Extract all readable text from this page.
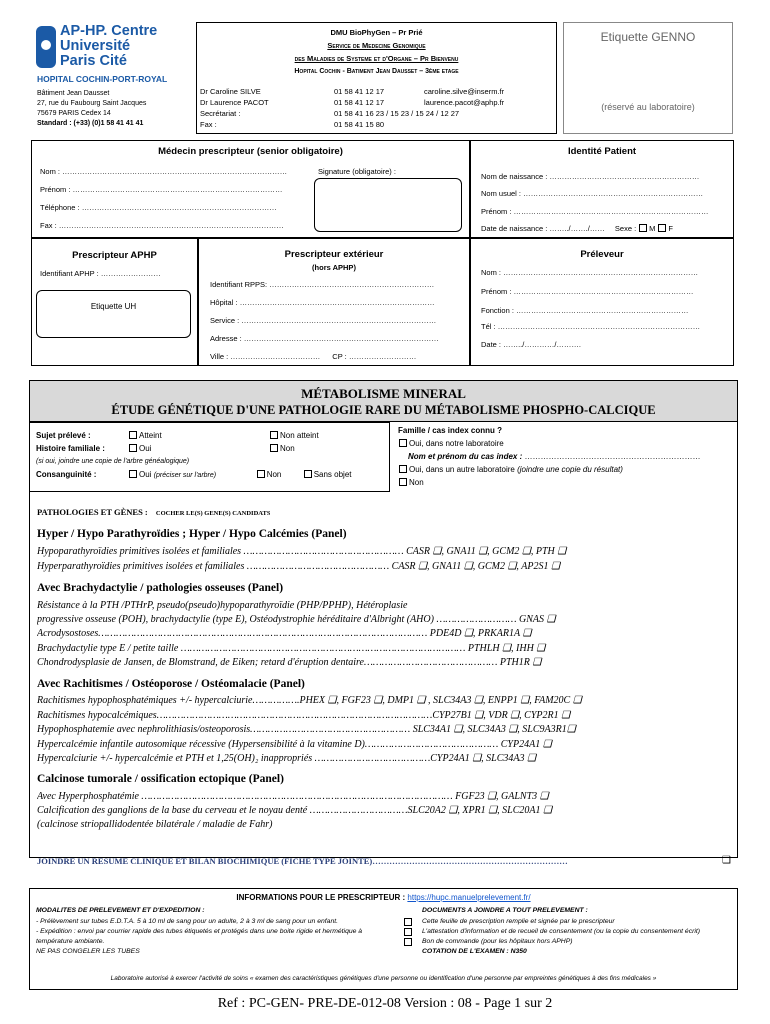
AP-HP. Centre
Université
Paris Cité
HOPITAL COCHIN-PORT-ROYAL
Bâtiment Jean Dausset
27, rue du Faubourg Saint Jacques
75679 PARIS Cedex 14
Standard : (+33) (0)1 58 41 41 41
DMU BioPhyGen – Pr Prié
Service de Medecine Genomique
des Maladies de Systeme et d'Organe – Pr Bienvenu
Hopital Cochin - Batiment Jean Dausset – 3ème etage
Dr Caroline SILVE	01 58 41 12 17	caroline.silve@inserm.fr
Dr Laurence PACOT	01 58 41 12 17	laurence.pacot@aphp.fr
Secrétariat :	01 58 41 16 23 / 15 23 / 15 24 / 12 27
Fax :	01 58 41 15 80
Etiquette GENNO
(réservé au laboratoire)
Médecin prescripteur (senior obligatoire)
Nom : ………………………………………………………………………………
Prénom : …………………………………………………………………………
Téléphone : ……………………………………………………………………
Fax : ………………………………………………………………………………
Signature (obligatoire) :
Identité Patient
Nom de naissance : ……………………………………………………
Nom usuel : ………………………………………………………………
Prénom : ……………………………………………………………………
Date de naissance : ……../……./…… Sexe : M F
Prescripteur APHP
Identifiant APHP : ……………………
Etiquette UH
Prescripteur extérieur
(hors APHP)
Identifiant RPPS: …………………………………………………………
Hôpital : ……………………………………………………………………
Service : ……………………………………………………………………
Adresse : ……………………………………………………………………
Ville : ……………………………… CP : ………………………
Préleveur
Nom : ……………………………………………………………………
Prénom : ………………………………………………………………
Fonction : ……………………………………………………………
Tél : ………………………………………………………………………
Date : ……../…………/……….
MÉTABOLISME MINERAL
ÉTUDE GÉNÉTIQUE D'UNE PATHOLOGIE RARE DU MÉTABOLISME PHOSPHO-CALCIQUE
Sujet prélevé :	Atteint	Non atteint
Histoire familiale :	Oui	Non
(si oui, joindre une copie de l'arbre généalogique)
Consanguinité :	Oui (préciser sur l'arbre)	Non	Sans objet
Famille / cas index connu ?
Oui, dans notre laboratoire
Nom et prénom du cas index : …………………………………………………………
Oui, dans un autre laboratoire (joindre une copie du résultat)
Non
PATHOLOGIES ET GÈNES : COCHER LE(S) GENE(S) CANDIDATS
Hyper / Hypo Parathyroïdies ; Hyper / Hypo Calcémies (Panel)
Hypoparathyroïdies primitives isolées et familiales ……………………………………………… CASR ❑, GNA11 ❑, GCM2 ❑, PTH ❑
Hyperparathyroïdies primitives isolées et familiales ………………………………………… CASR ❑, GNA11 ❑, GCM2 ❑, AP2S1 ❑
Avec Brachydactylie / pathologies osseuses (Panel)
Résistance à la PTH /PTHrP, pseudo(pseudo)hypoparathyroïdie (PHP/PPHP), Hétéroplasie
progressive osseuse (POH), brachydactylie (type E), Ostéodystrophie héréditaire d'Albright (AHO) ……………………… GNAS ❑
Acrodysostoses………………………………………………………………………………………………… PDE4D ❑, PRKAR1A ❑
Brachydactylie type E / petite taille …………………………………………………………………………………… PTHLH ❑, IHH ❑
Chondrodysplasie de Jansen, de Blomstrand, de Eiken; retard d'éruption dentaire……………………………………… PTH1R ❑
Avec Rachitismes / Ostéoporose / Ostéomalacie (Panel)
Rachitismes hypophosphatémiques +/- hypercalciurie…………….PHEX ❑, FGF23 ❑, DMP1 ❑ , SLC34A3 ❑, ENPP1 ❑, FAM20C ❑
Rachitismes hypocalcémiques…………………………………………………………………………………CYP27B1 ❑, VDR ❑, CYP2R1 ❑
Hypophosphatemie avec nephrolithiasis/osteoporosis……………………………………………… SLC34A1 ❑, SLC34A3 ❑, SLC9A3R1❑
Hypercalcémie infantile autosomique récessive (Hypersensibilité à la vitamine D)……………………………………… CYP24A1 ❑
Hypercalciurie +/- hypercalcémie et PTH et 1,25(OH)₂ inappropriés …………………………………CYP24A1 ❑, SLC34A3 ❑
Calcinose tumorale / ossification ectopique (Panel)
Avec Hyperphosphatémie …………………………………………………………………………………………… FGF23 ❑, GALNT3 ❑
Calcification des ganglions de la base du cerveau et le noyau denté ……………………………SLC20A2 ❑, XPR1 ❑, SLC20A1 ❑
(calcinose striopallidodentée bilatérale / maladie de Fahr)
JOINDRE UN RESUME CLINIQUE ET BILAN BIOCHIMIQUE (FICHE TYPE JOINTE)……………………………………………………………	❑
INFORMATIONS POUR LE PRESCRIPTEUR : https://hupc.manuelprelevement.fr/
MODALITES DE PRELEVEMENT ET D'EXPEDITION :
- Prélèvement sur tubes E.D.T.A. 5 à 10 ml de sang pour un adulte, 2 à 3 ml de sang pour un enfant.
- Expédition : envoi par courrier rapide des tubes étiquetés et protégés dans une boite rigide et hermétique à température ambiante.
NE PAS CONGELER LES TUBES
DOCUMENTS A JOINDRE A TOUT PRELEVEMENT :
Cette feuille de prescription remplie et signée par le prescripteur
L'attestation d'information et de recueil de consentement (ou la copie du consentement écrit)
Bon de commande (pour les hôpitaux hors APHP)
COTATION DE L'EXAMEN : N350
Laboratoire autorisé à exercer l'activité de soins « examen des caractéristiques génétiques d'une personne ou identification d'une personne par empreintes génétiques à des fins médicales »
Ref : PC-GEN- PRE-DE-012-08 Version : 08 - Page 1 sur 2
